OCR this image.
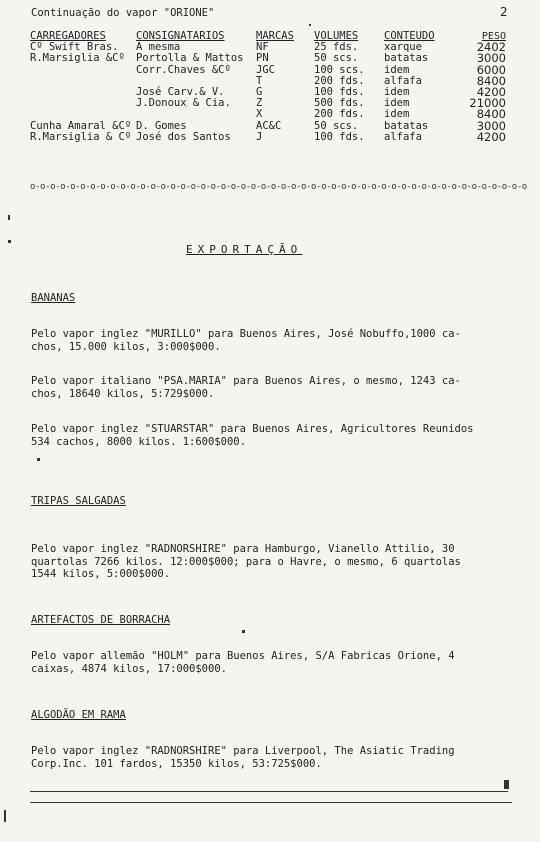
Continuação do vapor "ORIONE"	2
CARREGADORES	CONSIGNATARIOS	MARCAS	VOLUMES	CONTEUDO	PESO
Cº Swift Bras.	A mesma	NF	25 fds.	xarque	2402
R.Marsiglia &Cº	Portolla & Mattos	PN	50 scs.	batatas	3000
	Corr.Chaves &Cº	JGC	100 scs.	idem	6000
		T	200 fds.	alfafa	8400
	José Carv.& V.	G	100 fds.	idem	4200
	J.Donoux & Cia.	Z	500 fds.	idem	21000
		X	200 fds.	idem	8400
Cunha Amaral &Cº	D. Gomes	AC&C	50 scs.	batatas	3000
R.Marsiglia & Cº	José dos Santos	J	100 fds.	alfafa	4200
o-o-o-o-o-o-o-o-o-o-o-o-o-o-o-o-o-o-o-o-o-o-o-o-o-o-o-o-o-o-o-o-o-o-o-o-o-o-o-o-o-o-o-o-o-o-o-o-o-o
EXPORTAÇÃO
BANANAS
Pelo vapor inglez "MURILLO" para Buenos Aires, José Nobuffo,1000 ca-
chos, 15.000 kilos, 3:000$000.
Pelo vapor italiano "PSA.MARIA" para Buenos Aires, o mesmo, 1243 ca-
chos, 18640 kilos, 5:729$000.
Pelo vapor inglez "STUARSTAR" para Buenos Aires, Agricultores Reunidos
534 cachos, 8000 kilos. 1:600$000.
TRIPAS SALGADAS
Pelo vapor inglez "RADNORSHIRE" para Hamburgo, Vianello Attilio, 30
quartolas 7266 kilos. 12:000$000; para o Havre, o mesmo, 6 quartolas
1544 kilos, 5:000$000.
ARTEFACTOS DE BORRACHA
Pelo vapor allemão "HOLM" para Buenos Aires, S/A Fabricas Orione, 4
caixas, 4874 kilos, 17:000$000.
ALGODÃO EM RAMA
Pelo vapor inglez "RADNORSHIRE" para Liverpool, The Asiatic Trading
Corp.Inc. 101 fardos, 15350 kilos, 53:725$000.
